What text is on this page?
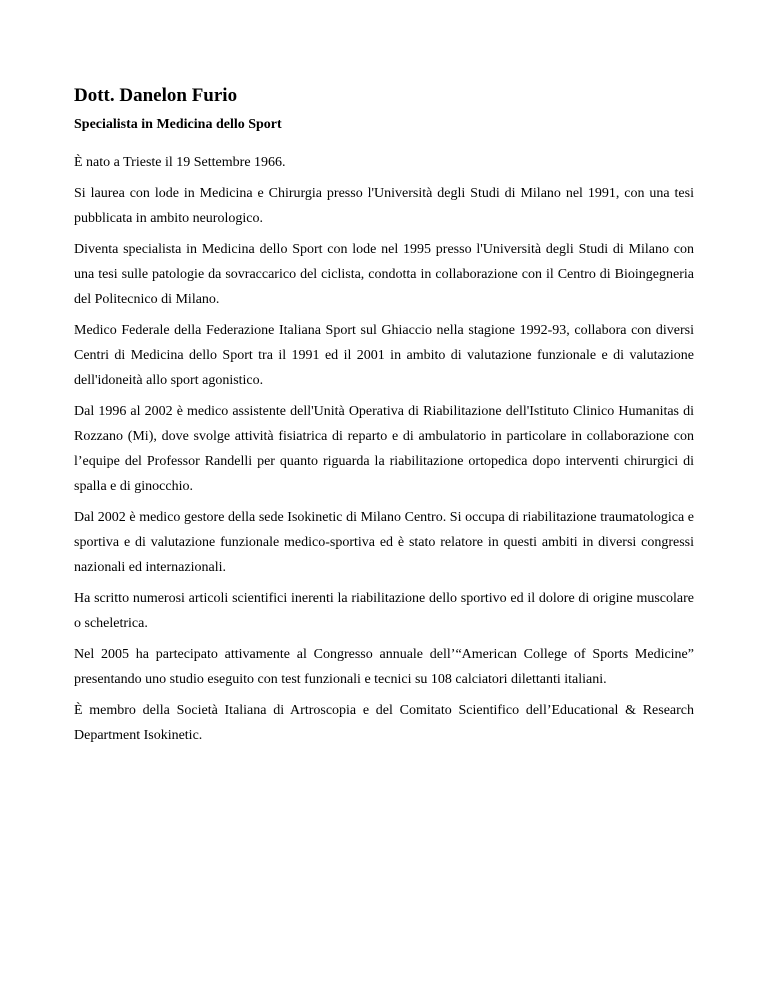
Dott. Danelon Furio
Specialista in Medicina dello Sport

È nato a Trieste il 19 Settembre 1966.

Si laurea con lode in Medicina e Chirurgia presso l'Università degli Studi di Milano nel 1991, con una tesi pubblicata in ambito neurologico.

Diventa specialista in Medicina dello Sport con lode nel 1995 presso l'Università degli Studi di Milano con una tesi sulle patologie da sovraccarico del ciclista, condotta in collaborazione con il Centro di Bioingegneria del Politecnico di Milano.

Medico Federale della Federazione Italiana Sport sul Ghiaccio nella stagione 1992-93, collabora con diversi Centri di Medicina dello Sport tra il 1991 ed il 2001 in ambito di valutazione funzionale e di valutazione dell'idoneità allo sport agonistico.

Dal 1996 al 2002 è medico assistente dell'Unità Operativa di Riabilitazione dell'Istituto Clinico Humanitas di Rozzano (Mi), dove svolge attività fisiatrica di reparto e di ambulatorio in particolare in collaborazione con l’equipe del Professor Randelli per quanto riguarda la riabilitazione ortopedica dopo interventi chirurgici di spalla e di ginocchio.

Dal 2002 è medico gestore della sede Isokinetic di Milano Centro. Si occupa di riabilitazione traumatologica e sportiva e di valutazione funzionale medico-sportiva ed è stato relatore in questi ambiti in diversi congressi nazionali ed internazionali.

Ha scritto numerosi articoli scientifici inerenti la riabilitazione dello sportivo ed il dolore di origine muscolare o scheletrica.

Nel 2005 ha partecipato attivamente al Congresso annuale dell’“American College of Sports Medicine” presentando uno studio eseguito con test funzionali e tecnici su 108 calciatori dilettanti italiani.

È membro della Società Italiana di Artroscopia e del Comitato Scientifico dell’Educational & Research Department Isokinetic.
